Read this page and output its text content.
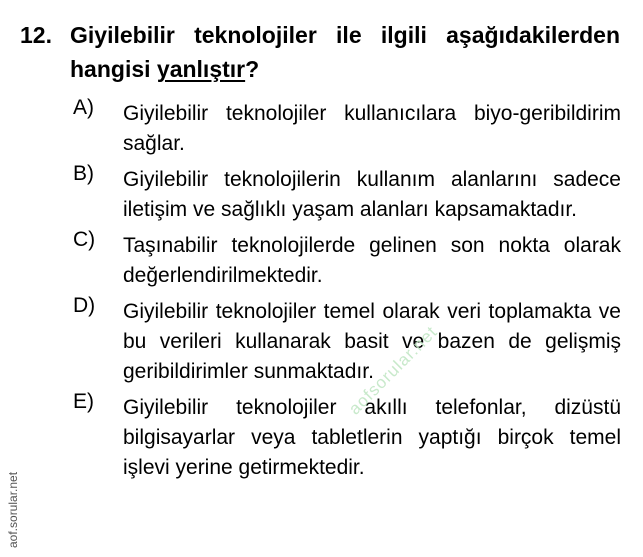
12. Giyilebilir teknolojiler ile ilgili aşağıdakilerden hangisi yanlıştır?
A)	Giyilebilir teknolojiler kullanıcılara biyo-geribildirim sağlar.
B)	Giyilebilir teknolojilerin kullanım alanlarını sadece iletişim ve sağlıklı yaşam alanları kapsamaktadır.
C)	Taşınabilir teknolojilerde gelinen son nokta olarak değerlendirilmektedir.
D)	Giyilebilir teknolojiler temel olarak veri toplamakta ve bu verileri kullanarak basit ve bazen de gelişmiş geribildirimler sunmaktadır.
E)	Giyilebilir teknolojiler akıllı telefonlar, dizüstü bilgisayarlar veya tabletlerin yaptığı birçok temel işlevi yerine getirmektedir.
aof.sorular.net
aofsorular.net
